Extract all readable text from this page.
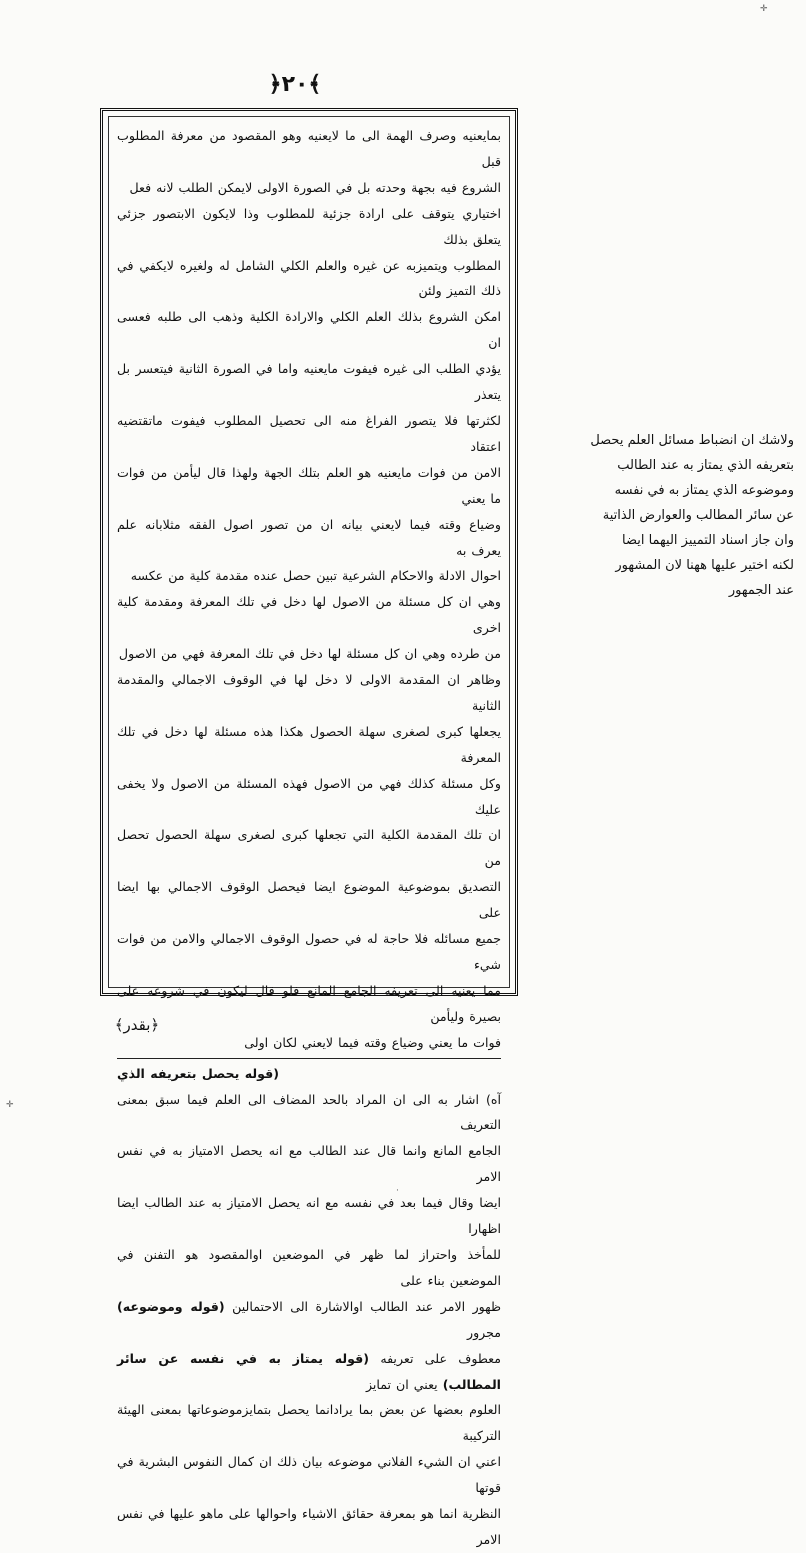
﴿٢٠﴾

بمايعنيه وصرف الهمة الى ما لايعنيه وهو المقصود من معرفة المطلوب قبل

الشروع فيه بجهة وحدته بل في الصورة الاولى لايمكن الطلب لانه فعل

اختياري يتوقف على ارادة جزئية للمطلوب وذا لايكون الابتصور جزئي يتعلق بذلك

المطلوب ويتميزبه عن غيره والعلم الكلي الشامل له ولغيره لايكفي في ذلك التميز ولئن

امكن الشروع بذلك العلم الكلي والارادة الكلية وذهب الى طلبه فعسى ان

يؤدي الطلب الى غيره فيفوت مايعنيه واما في الصورة الثانية فيتعسر بل يتعذر

لكثرتها فلا يتصور الفراغ منه الى تحصيل المطلوب فيفوت ماتقتضيه اعتقاد

الامن من فوات مايعنيه هو العلم بتلك الجهة ولهذا قال ليأمن من فوات ما يعني

وضياع وقته فيما لايعني بيانه ان من تصور اصول الفقه مثلابانه علم يعرف به

احوال الادلة والاحكام الشرعية تبين حصل عنده مقدمة كلية من عكسه

وهي ان كل مسئلة من الاصول لها دخل في تلك المعرفة ومقدمة كلية اخرى

من طرده وهي ان كل مسئلة لها دخل في تلك المعرفة فهي من الاصول

وظاهر ان المقدمة الاولى لا دخل لها في الوقوف الاجمالي والمقدمة الثانية

يجعلها كبرى لصغرى سهلة الحصول هكذا هذه مسئلة لها دخل في تلك المعرفة

وكل مسئلة كذلك فهي من الاصول فهذه المسئلة من الاصول ولا يخفى عليك

ان تلك المقدمة الكلية التي تجعلها كبرى لصغرى سهلة الحصول تحصل من

التصديق بموضوعية الموضوع ايضا فيحصل الوقوف الاجمالي بها ايضا على

جميع مسائله فلا حاجة له في حصول الوقوف الاجمالي والامن من فوات شيء

مما يعنيه الى تعريفه الجامع المانع فلو قال ليكون في شروعه على بصيرة وليأمن

فوات ما يعني وضياع وقته فيما لايعني لكان اولى

(قوله يحصل بتعريفه الذي

آه) اشار به الى ان المراد بالحد المضاف الى العلم فيما سبق بمعنى التعريف

الجامع المانع وانما قال عند الطالب مع انه يحصل الامتياز به في نفس الامر

ايضا وقال فيما بعد في نفسه مع انه يحصل الامتياز به عند الطالب ايضا اظهارا

للمأخذ واحتراز لما ظهر في الموضعين اوالمقصود هو التفنن في الموضعين بناء على

ظهور الامر عند الطالب اوالاشارة الى الاحتمالين (قوله وموضوعه) مجرور

معطوف على تعريفه (قوله يمتاز به في نفسه عن سائر المطالب) يعني ان تمايز

العلوم بعضها عن بعض بما يرادانما يحصل بتمايزموضوعاتها بمعنى الهيئة التركيبة

اعني ان الشيء الفلاني موضوعه بيان ذلك ان كمال النفوس البشرية في قوتها

النظرية انما هو بمعرفة حقائق الاشياء واحوالها على ماهو عليها في نفس الامر

ولاشك ان انضباط مسائل العلم يحصل
بتعريفه الذي يمتاز به عند الطالب
وموضوعه الذي يمتاز به في نفسه
عن سائر المطالب والعوارض الذاتية
وان جاز اسناد التمييز اليهما ايضا
لكنه اختير عليها ههنا لان المشهور
عند الجمهور
﴿بقدر﴾
✛
✛
·
